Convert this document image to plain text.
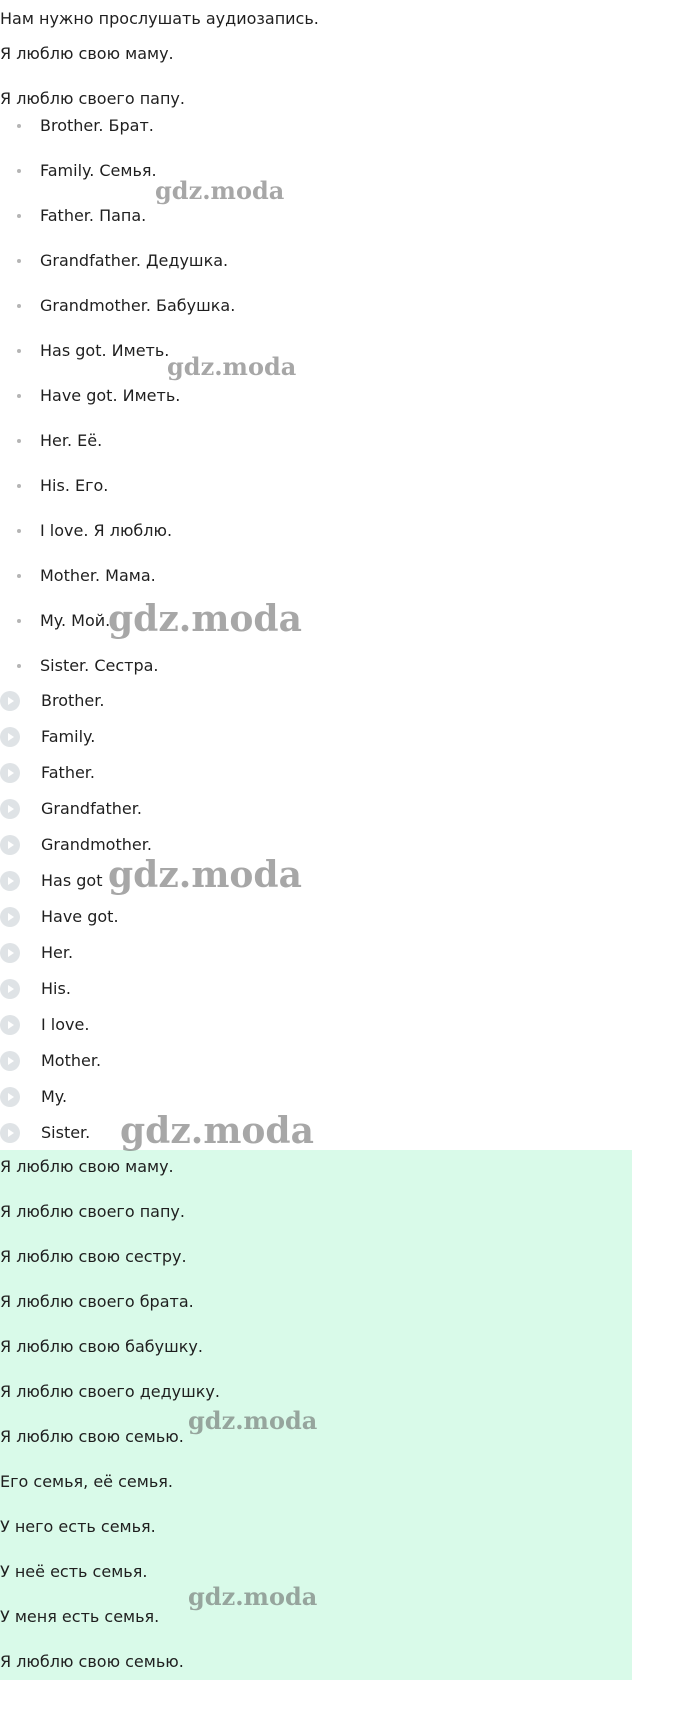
Нам нужно прослушать аудиозапись.
Я люблю свою маму.
Я люблю своего папу.
Brother. Брат.
Family. Семья.
Father. Папа.
Grandfather. Дедушка.
Grandmother. Бабушка.
Has got. Иметь.
Have got. Иметь.
Her. Её.
His. Его.
I love. Я люблю.
Mother. Мама.
My. Мой.
Sister. Сестра.
Brother.
Family.
Father.
Grandfather.
Grandmother.
Has got
Have got.
Her.
His.
I love.
Mother.
My.
Sister.
Я люблю свою маму.
Я люблю своего папу.
Я люблю свою сестру.
Я люблю своего брата.
Я люблю свою бабушку.
Я люблю своего дедушку.
Я люблю свою семью.
Его семья, её семья.
У него есть семья.
У неё есть семья.
У меня есть семья.
Я люблю свою семью.
gdz.moda
gdz.moda
gdz.moda
gdz.moda
gdz.moda
gdz.moda
gdz.moda
